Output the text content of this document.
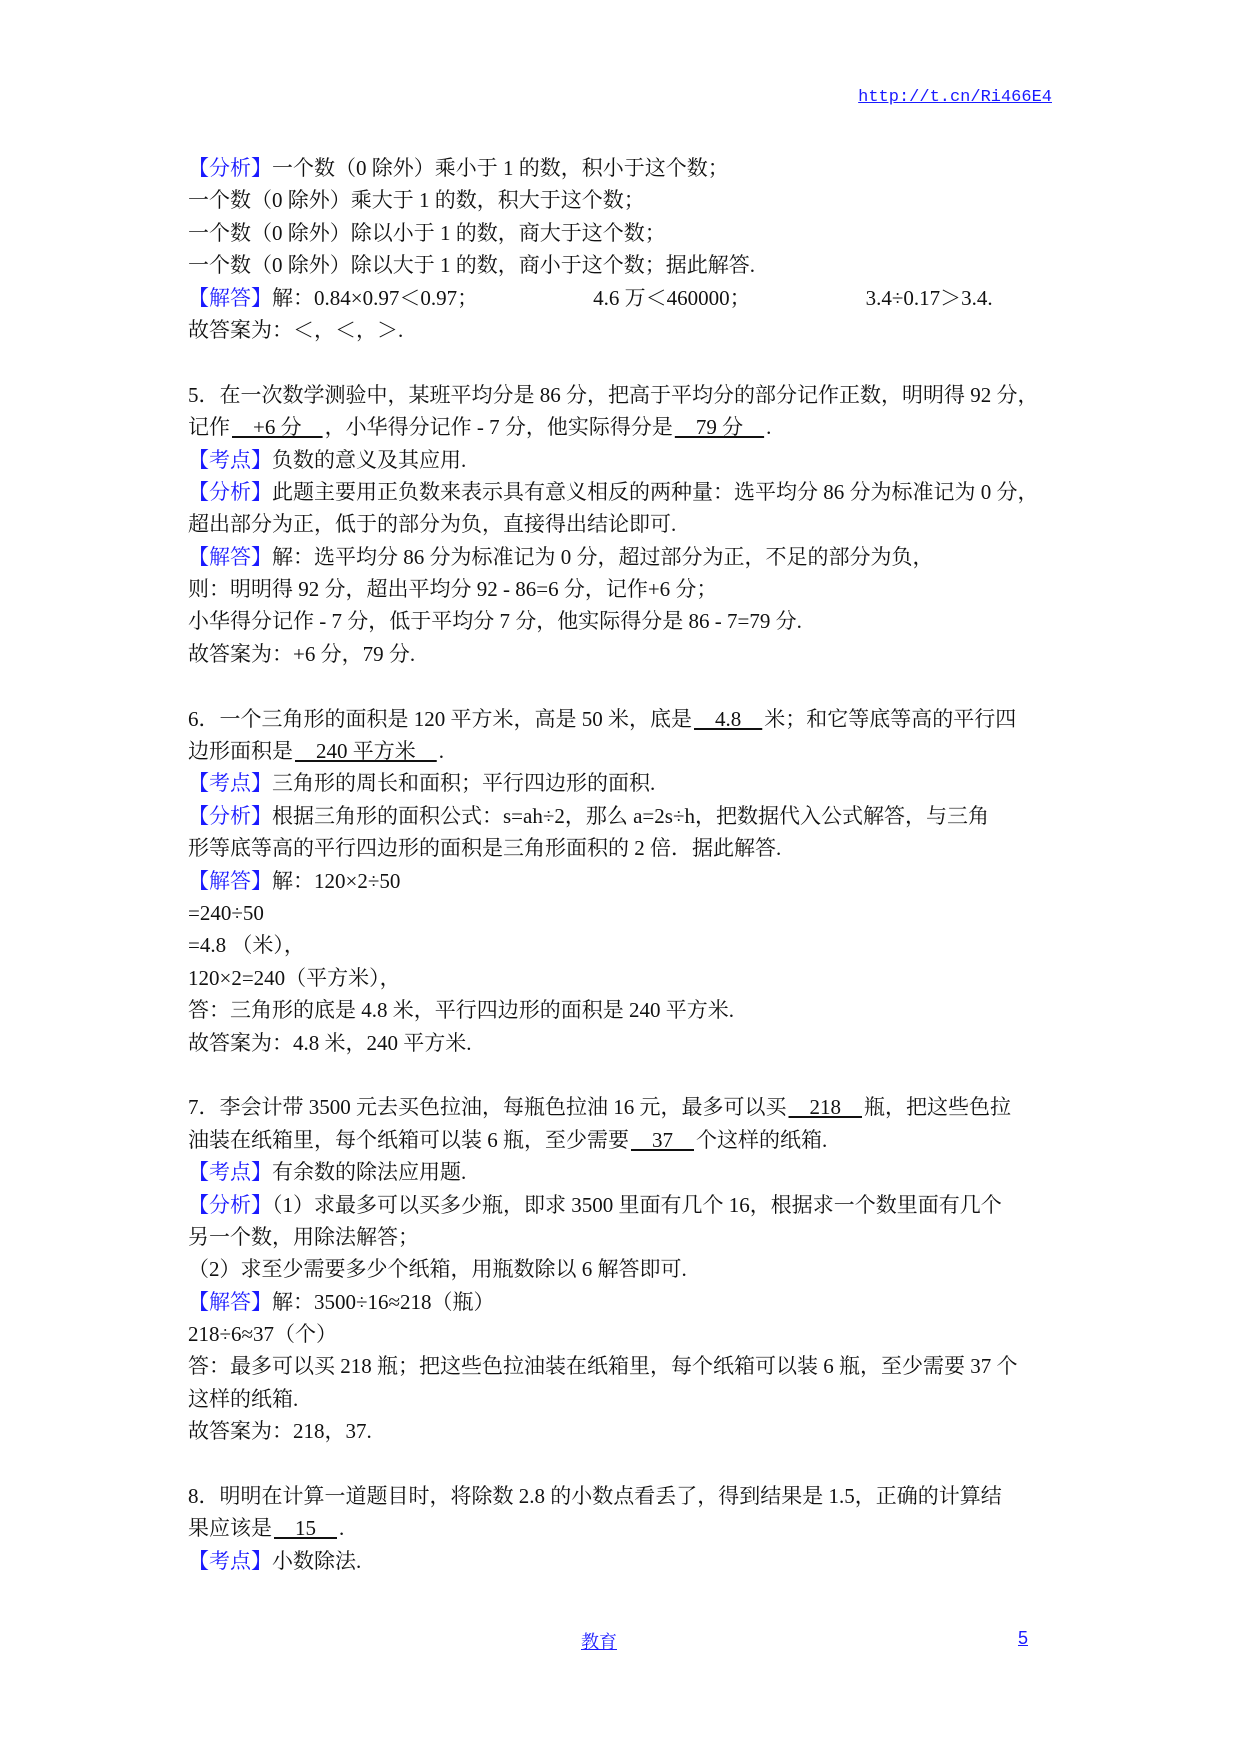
http://t.cn/Ri466E4
【分析】一个数（0 除外）乘小于 1 的数，积小于这个数；
一个数（0 除外）乘大于 1 的数，积大于这个数；
一个数（0 除外）除以小于 1 的数，商大于这个数；
一个数（0 除外）除以大于 1 的数，商小于这个数；据此解答.
【解答】解：0.84×0.97＜0.97；	4.6 万＜460000；	3.4÷0.17＞3.4.
故答案为：＜，＜，＞.
5．在一次数学测验中，某班平均分是 86 分，把高于平均分的部分记作正数，明明得 92 分，
记作    +6 分    ，小华得分记作 - 7 分，他实际得分是    79 分    .
【考点】负数的意义及其应用.
【分析】此题主要用正负数来表示具有意义相反的两种量：选平均分 86 分为标准记为 0 分，
超出部分为正，低于的部分为负，直接得出结论即可.
【解答】解：选平均分 86 分为标准记为 0 分，超过部分为正，不足的部分为负，
则：明明得 92 分，超出平均分 92 - 86=6 分，记作+6 分；
小华得分记作 - 7 分，低于平均分 7 分，他实际得分是 86 - 7=79 分.
故答案为：+6 分，79 分.
6．一个三角形的面积是 120 平方米，高是 50 米，底是    4.8    米；和它等底等高的平行四
边形面积是    240 平方米    .
【考点】三角形的周长和面积；平行四边形的面积.
【分析】根据三角形的面积公式：s=ah÷2，那么 a=2s÷h，把数据代入公式解答，与三角
形等底等高的平行四边形的面积是三角形面积的 2 倍．据此解答.
【解答】解：120×2÷50
=240÷50
=4.8 （米），
120×2=240（平方米），
答：三角形的底是 4.8 米，平行四边形的面积是 240 平方米.
故答案为：4.8 米，240 平方米.
7．李会计带 3500 元去买色拉油，每瓶色拉油 16 元，最多可以买    218    瓶，把这些色拉
油装在纸箱里，每个纸箱可以装 6 瓶，至少需要    37    个这样的纸箱.
【考点】有余数的除法应用题.
【分析】（1）求最多可以买多少瓶，即求 3500 里面有几个 16，根据求一个数里面有几个
另一个数，用除法解答；
（2）求至少需要多少个纸箱，用瓶数除以 6 解答即可.
【解答】解：3500÷16≈218（瓶）
218÷6≈37（个）
答：最多可以买 218 瓶；把这些色拉油装在纸箱里，每个纸箱可以装 6 瓶，至少需要 37 个
这样的纸箱.
故答案为：218，37.
8．明明在计算一道题目时，将除数 2.8 的小数点看丢了，得到结果是 1.5，正确的计算结
果应该是    15    .
【考点】小数除法.
教育	5
